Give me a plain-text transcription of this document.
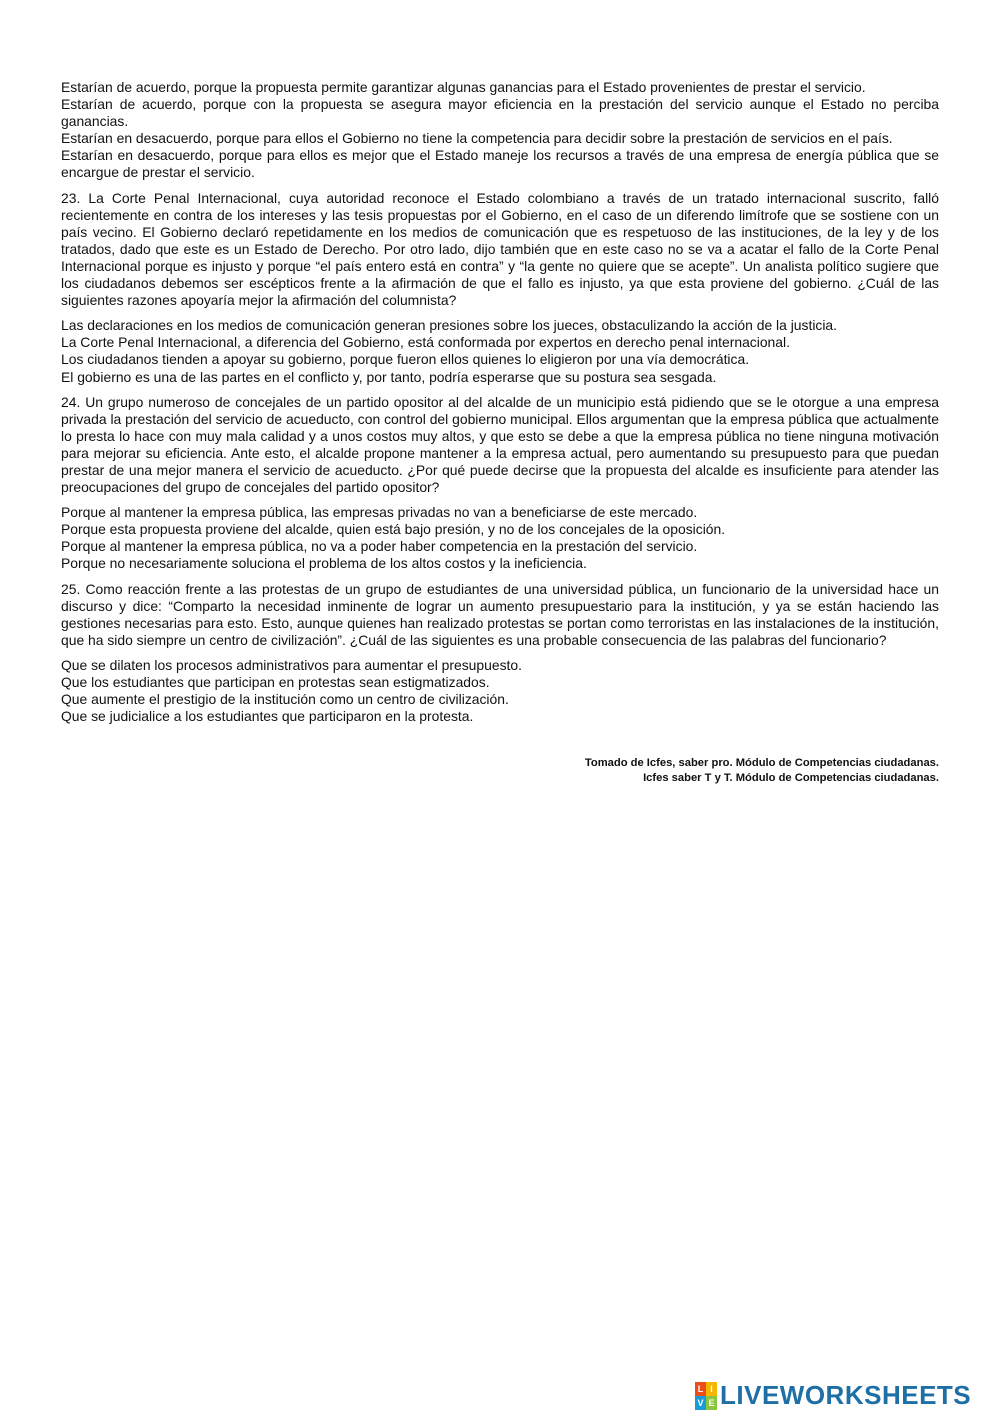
Estarían de acuerdo, porque la propuesta permite garantizar algunas ganancias para el Estado provenientes de prestar el servicio.

Estarían de acuerdo, porque con la propuesta se asegura mayor eficiencia en la prestación del servicio aunque el Estado no perciba ganancias.

Estarían en desacuerdo, porque para ellos el Gobierno no tiene la competencia para decidir sobre la prestación de servicios en el país.

Estarían en desacuerdo, porque para ellos es mejor que el Estado maneje los recursos a través de una empresa de energía pública que se encargue de prestar el servicio.

23. La Corte Penal Internacional, cuya autoridad reconoce el Estado colombiano a través de un tratado internacional suscrito, falló recientemente en contra de los intereses y las tesis propuestas por el Gobierno, en el caso de un diferendo limítrofe que se sostiene con un país vecino. El Gobierno declaró repetidamente en los medios de comunicación que es respetuoso de las instituciones, de la ley y de los tratados, dado que este es un Estado de Derecho. Por otro lado, dijo también que en este caso no se va a acatar el fallo de la Corte Penal Internacional porque es injusto y porque “el país entero está en contra” y “la gente no quiere que se acepte”. Un analista político sugiere que los ciudadanos debemos ser escépticos frente a la afirmación de que el fallo es injusto, ya que esta proviene del gobierno. ¿Cuál de las siguientes razones apoyaría mejor la afirmación del columnista?

Las declaraciones en los medios de comunicación generan presiones sobre los jueces, obstaculizando la acción de la justicia.

La Corte Penal Internacional, a diferencia del Gobierno, está conformada por expertos en derecho penal internacional.

Los ciudadanos tienden a apoyar su gobierno, porque fueron ellos quienes lo eligieron por una vía democrática.

El gobierno es una de las partes en el conflicto y, por tanto, podría esperarse que su postura sea sesgada.

24. Un grupo numeroso de concejales de un partido opositor al del alcalde de un municipio está pidiendo que se le otorgue a una empresa privada la prestación del servicio de acueducto, con control del gobierno municipal. Ellos argumentan que la empresa pública que actualmente lo presta lo hace con muy mala calidad y a unos costos muy altos, y que esto se debe a que la empresa pública no tiene ninguna motivación para mejorar su eficiencia. Ante esto, el alcalde propone mantener a la empresa actual, pero aumentando su presupuesto para que puedan prestar de una mejor manera el servicio de acueducto. ¿Por qué puede decirse que la propuesta del alcalde es insuficiente para atender las preocupaciones del grupo de concejales del partido opositor?

Porque al mantener la empresa pública, las empresas privadas no van a beneficiarse de este mercado.

Porque esta propuesta proviene del alcalde, quien está bajo presión, y no de los concejales de la oposición.

Porque al mantener la empresa pública, no va a poder haber competencia en la prestación del servicio.

Porque no necesariamente soluciona el problema de los altos costos y la ineficiencia.

25. Como reacción frente a las protestas de un grupo de estudiantes de una universidad pública, un funcionario de la universidad hace un discurso y dice: “Comparto la necesidad inminente de lograr un aumento presupuestario para la institución, y ya se están haciendo las gestiones necesarias para esto. Esto, aunque quienes han realizado protestas se portan como terroristas en las instalaciones de la institución, que ha sido siempre un centro de civilización”. ¿Cuál de las siguientes es una probable consecuencia de las palabras del funcionario?

Que se dilaten los procesos administrativos para aumentar el presupuesto.

Que los estudiantes que participan en protestas sean estigmatizados.

Que aumente el prestigio de la institución como un centro de civilización.

Que se judicialice a los estudiantes que participaron en la protesta.

Tomado de Icfes, saber pro. Módulo de Competencias ciudadanas.
Icfes saber T y T. Módulo de Competencias ciudadanas.
L I
V E LIVEWORKSHEETS
